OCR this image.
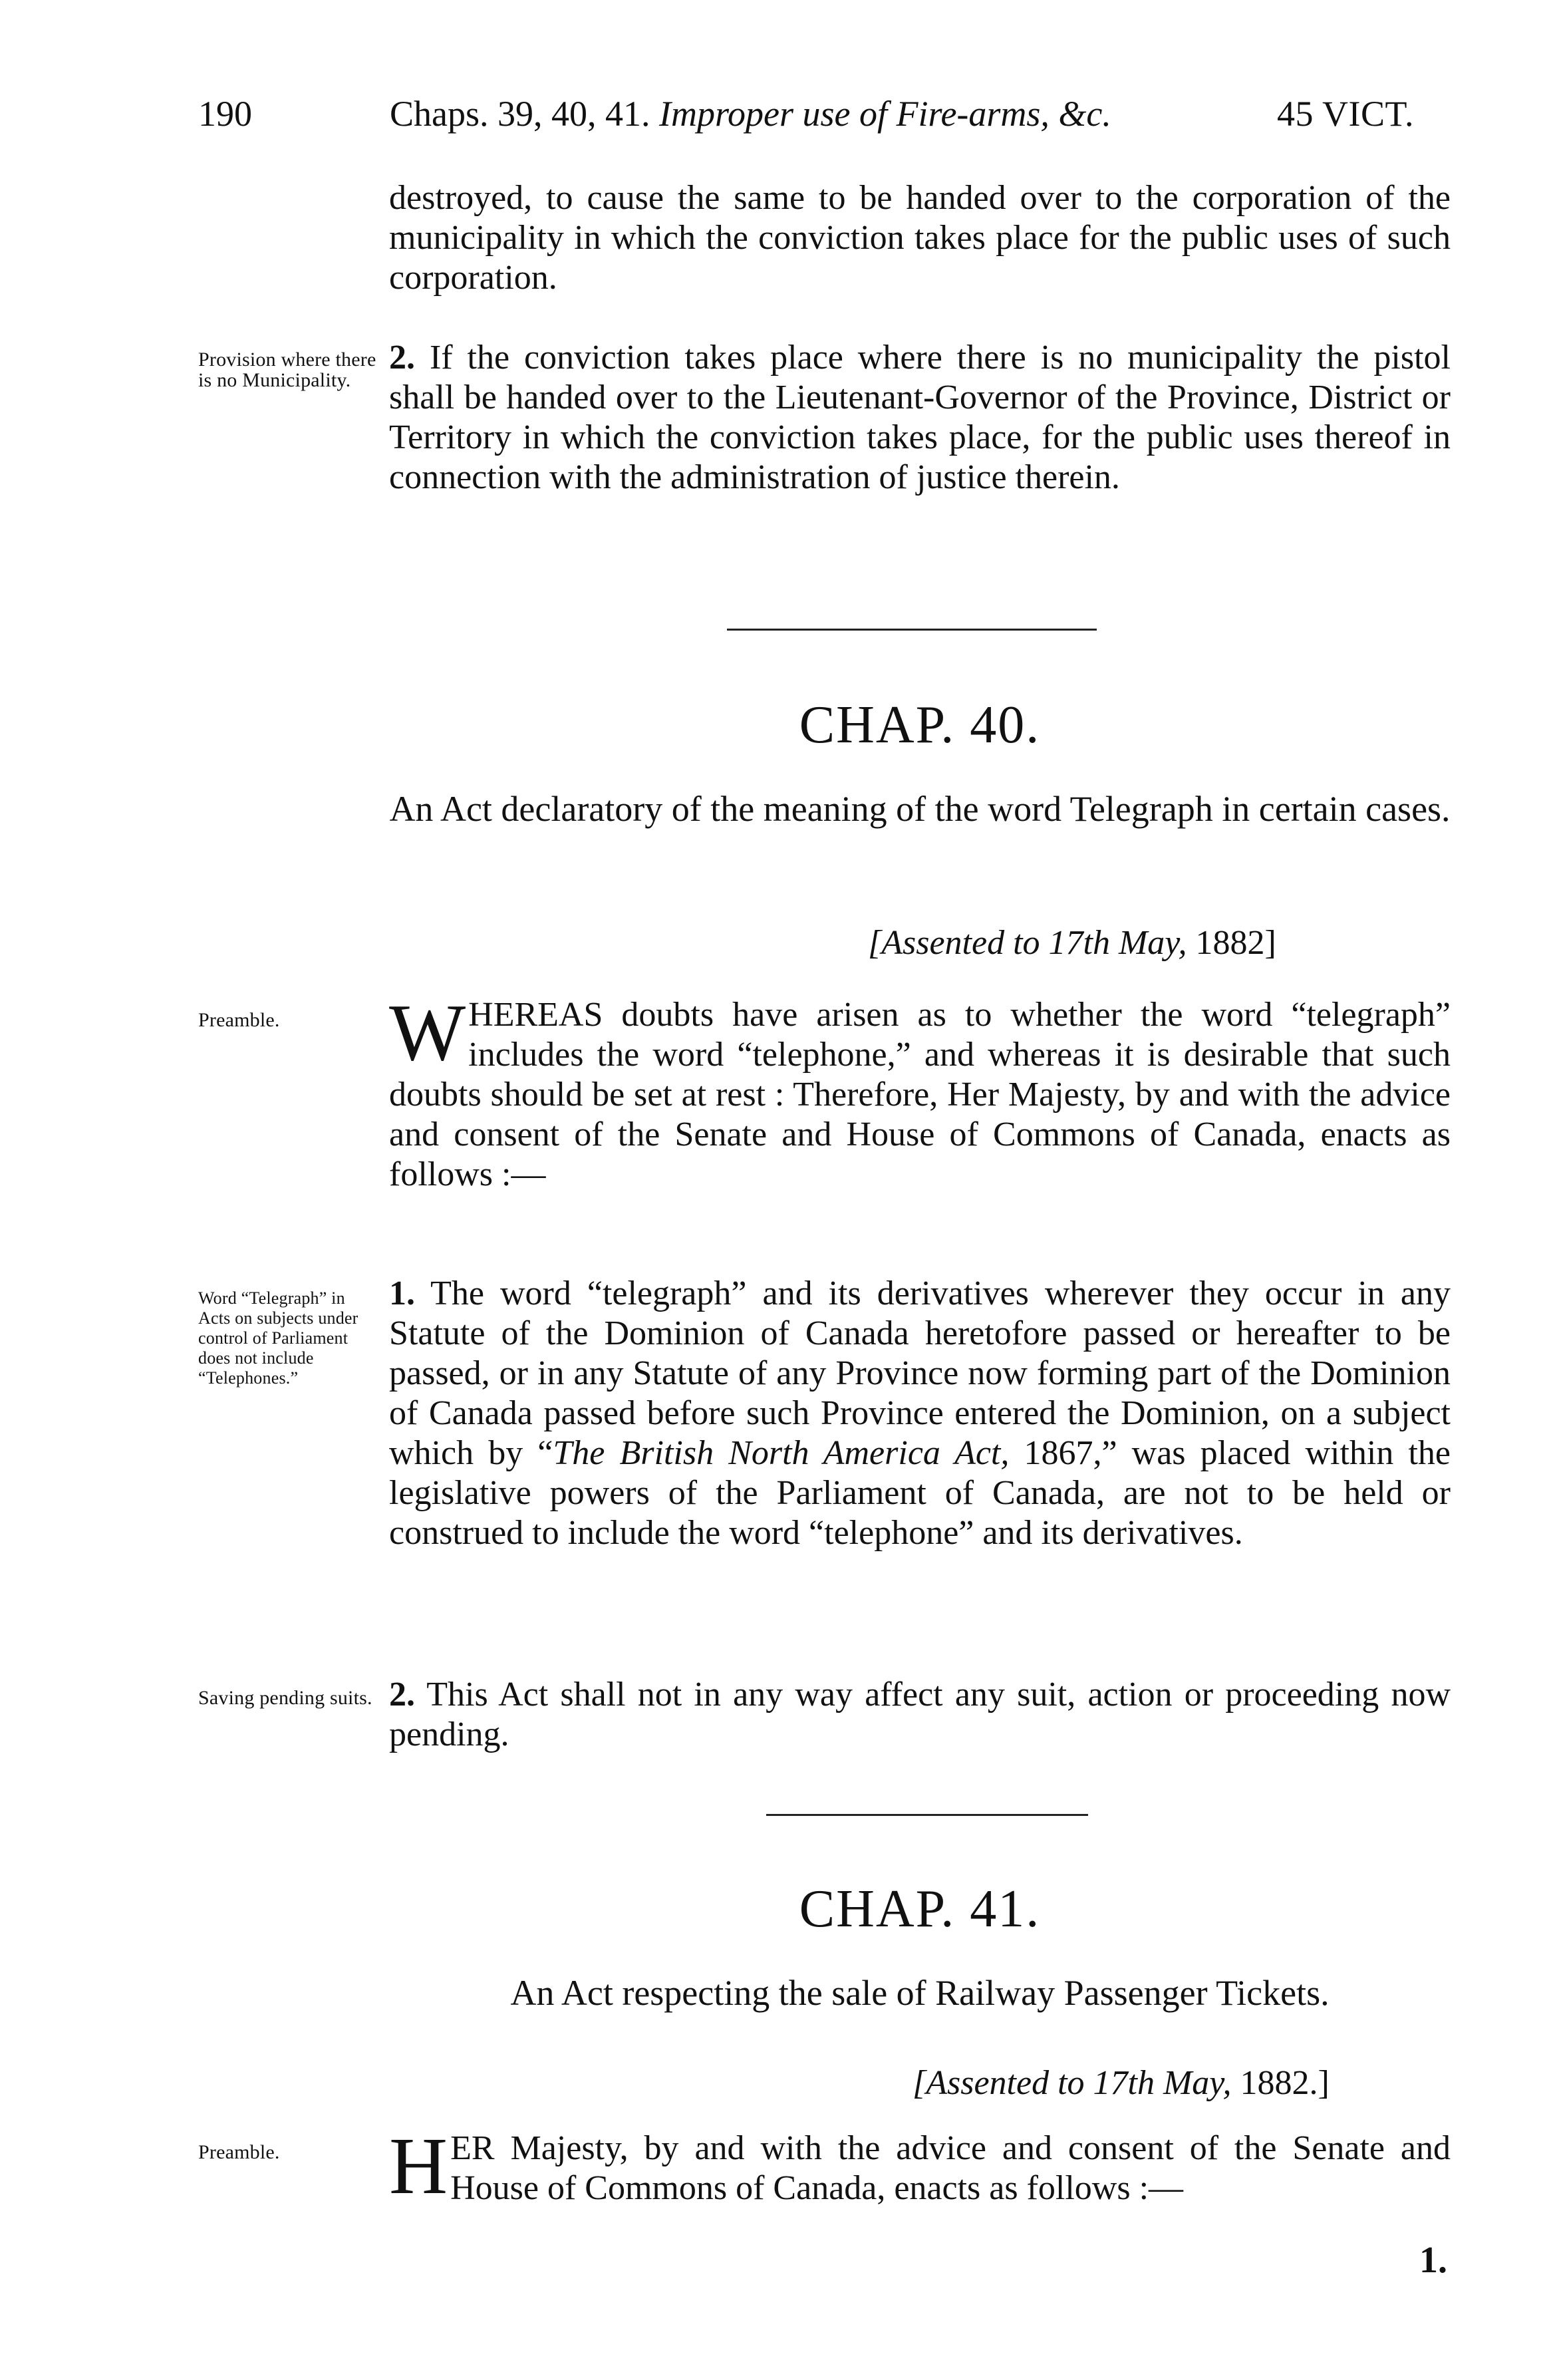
190	Chaps. 39, 40, 41. Improper use of Fire-arms, &c.	45 VICT.
destroyed, to cause the same to be handed over to the corporation of the municipality in which the conviction takes place for the public uses of such corporation.
Provision where there is no Municipality.
2. If the conviction takes place where there is no municipality the pistol shall be handed over to the Lieutenant-Governor of the Province, District or Territory in which the conviction takes place, for the public uses thereof in connection with the administration of justice therein.
CHAP. 40.
An Act declaratory of the meaning of the word Telegraph in certain cases.
[Assented to 17th May, 1882]
Preamble.	W HEREAS doubts have arisen as to whether the word “telegraph” includes the word “telephone,” and whereas it is desirable that such doubts should be set at rest : Therefore, Her Majesty, by and with the advice and consent of the Senate and House of Commons of Canada, enacts as follows :—
Word “Telegraph” in Acts on subjects under control of Parliament does not include “Telephones.”
1. The word “telegraph” and its derivatives wherever they occur in any Statute of the Dominion of Canada heretofore passed or hereafter to be passed, or in any Statute of any Province now forming part of the Dominion of Canada passed before such Province entered the Dominion, on a subject which by “The British North America Act, 1867,” was placed within the legislative powers of the Parliament of Canada, are not to be held or construed to include the word “telephone” and its derivatives.
Saving pending suits. 2. This Act shall not in any way affect any suit, action or proceeding now pending.
CHAP. 41.
An Act respecting the sale of Railway Passenger Tickets.
[Assented to 17th May, 1882.]
Preamble.	H ER Majesty, by and with the advice and consent of the Senate and House of Commons of Canada, enacts as follows :—
1.
